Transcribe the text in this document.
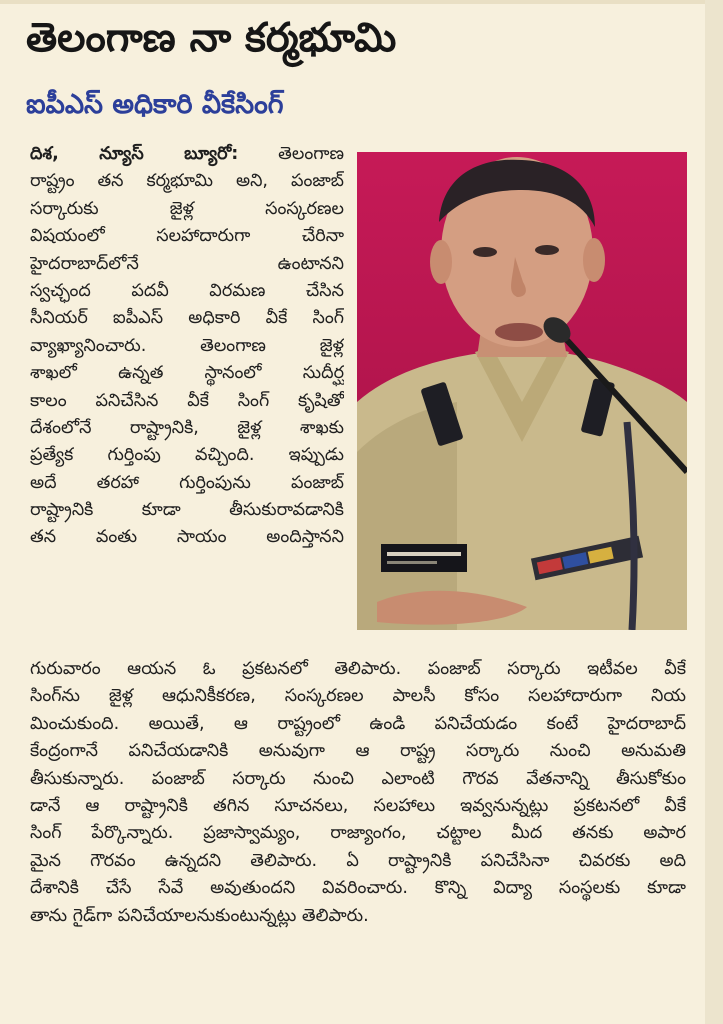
తెలంగాణ నా కర్మభూమి
ఐపీఎస్ అధికారి వీకేసింగ్
దిశ, న్యూస్ బ్యూరో: తెలంగాణ
రాష్ట్రం తన కర్మభూమి అని, పంజాబ్
సర్కారుకు జైళ్ల సంస్కరణల
విషయంలో సలహాదారుగా చేరినా
హైదరాబాద్‌లోనే ఉంటానని
స్వచ్ఛంద పదవీ విరమణ చేసిన
సీనియర్ ఐపీఎస్ అధికారి వీకే సింగ్
వ్యాఖ్యానించారు. తెలంగాణ జైళ్ల
శాఖలో ఉన్నత స్థానంలో సుదీర్ఘ
కాలం పనిచేసిన వీకే సింగ్ కృషితో
దేశంలోనే రాష్ట్రానికి, జైళ్ల శాఖకు
ప్రత్యేక గుర్తింపు వచ్చింది. ఇప్పుడు
అదే తరహా గుర్తింపును పంజాబ్
రాష్ట్రానికి కూడా తీసుకురావడానికి
తన వంతు సాయం అందిస్తానని
గురువారం ఆయన ఓ ప్రకటనలో తెలిపారు. పంజాబ్ సర్కారు ఇటీవల వీకే
సింగ్‌ను జైళ్ల ఆధునికీకరణ, సంస్కరణల పాలసీ కోసం సలహాదారుగా నియ
మించుకుంది. అయితే, ఆ రాష్ట్రంలో ఉండి పనిచేయడం కంటే హైదరాబాద్
కేంద్రంగానే పనిచేయడానికి అనువుగా ఆ రాష్ట్ర సర్కారు నుంచి అనుమతి
తీసుకున్నారు. పంజాబ్ సర్కారు నుంచి ఎలాంటి గౌరవ వేతనాన్ని తీసుకోకుం
డానే ఆ రాష్ట్రానికి తగిన సూచనలు, సలహాలు ఇవ్వనున్నట్లు ప్రకటనలో వీకే
సింగ్ పేర్కొన్నారు. ప్రజాస్వామ్యం, రాజ్యాంగం, చట్టాల మీద తనకు అపార
మైన గౌరవం ఉన్నదని తెలిపారు. ఏ రాష్ట్రానికి పనిచేసినా చివరకు అది
దేశానికి చేసే సేవే అవుతుందని వివరించారు. కొన్ని విద్యా సంస్థలకు కూడా
తాను గైడ్‌గా పనిచేయాలనుకుంటున్నట్లు తెలిపారు.
